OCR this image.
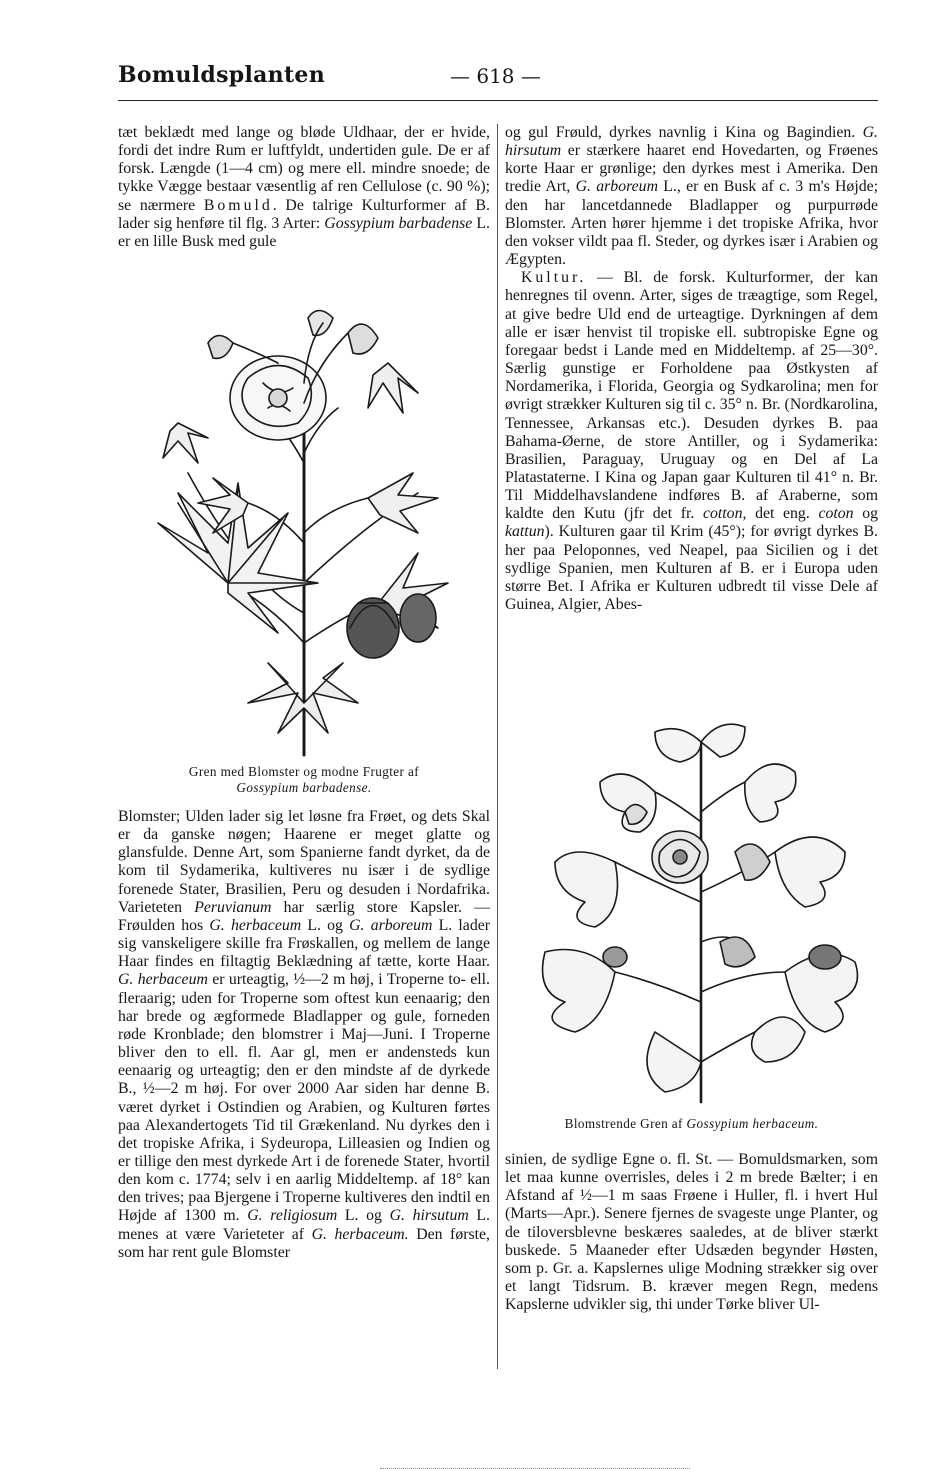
Bomuldsplanten	— 618 —

tæt beklædt med lange og bløde Uldhaar, der er hvide, fordi det indre Rum er luftfyldt, undertiden gule. De er af forsk. Længde (1—4 cm) og mere ell. mindre snoede; de tykke Vægge bestaar væsentlig af ren Cellulose (c. 90 %); se nærmere Bomuld. De talrige Kulturformer af B. lader sig henføre til flg. 3 Arter: Gossypium barbadense L. er en lille Busk med gule

Gren med Blomster og modne Frugter af
Gossypium barbadense.

Blomster; Ulden lader sig let løsne fra Frøet, og dets Skal er da ganske nøgen; Haarene er meget glatte og glansfulde. Denne Art, som Spanierne fandt dyrket, da de kom til Sydamerika, kultiveres nu især i de sydlige forenede Stater, Brasilien, Peru og desuden i Nordafrika. Varieteten Peruvianum har særlig store Kapsler. — Frøulden hos G. herbaceum L. og G. arboreum L. lader sig vanskeligere skille fra Frøskallen, og mellem de lange Haar findes en filtagtig Beklædning af tætte, korte Haar. G. herbaceum er urteagtig, ½—2 m høj, i Troperne to- ell. fleraarig; uden for Troperne som oftest kun eenaarig; den har brede og ægformede Bladlapper og gule, forneden røde Kronblade; den blomstrer i Maj—Juni. I Troperne bliver den to ell. fl. Aar gl, men er andensteds kun eenaarig og urteagtig; den er den mindste af de dyrkede B., ½—2 m høj. For over 2000 Aar siden har denne B. været dyrket i Ostindien og Arabien, og Kulturen førtes paa Alexandertogets Tid til Grækenland. Nu dyrkes den i det tropiske Afrika, i Sydeuropa, Lilleasien og Indien og er tillige den mest dyrkede Art i de forenede Stater, hvortil den kom c. 1774; selv i en aarlig Middeltemp. af 18° kan den trives; paa Bjergene i Troperne kultiveres den indtil en Højde af 1300 m. G. religiosum L. og G. hirsutum L. menes at være Varieteter af G. herbaceum. Den første, som har rent gule Blomster

og gul Frøuld, dyrkes navnlig i Kina og Bagindien. G. hirsutum er stærkere haaret end Hovedarten, og Frøenes korte Haar er grønlige; den dyrkes mest i Amerika. Den tredie Art, G. arboreum L., er en Busk af c. 3 m's Højde; den har lancetdannede Bladlapper og purpurrøde Blomster. Arten hører hjemme i det tropiske Afrika, hvor den vokser vildt paa fl. Steder, og dyrkes især i Arabien og Ægypten.

Kultur. — Bl. de forsk. Kulturformer, der kan henregnes til ovenn. Arter, siges de træagtige, som Regel, at give bedre Uld end de urteagtige. Dyrkningen af dem alle er især henvist til tropiske ell. subtropiske Egne og foregaar bedst i Lande med en Middeltemp. af 25—30°. Særlig gunstige er Forholdene paa Østkysten af Nordamerika, i Florida, Georgia og Sydkarolina; men for øvrigt strækker Kulturen sig til c. 35° n. Br. (Nordkarolina, Tennessee, Arkansas etc.). Desuden dyrkes B. paa Bahama-Øerne, de store Antiller, og i Sydamerika: Brasilien, Paraguay, Uruguay og en Del af La Platastaterne. I Kina og Japan gaar Kulturen til 41° n. Br. Til Middelhavslandene indføres B. af Araberne, som kaldte den Kutu (jfr det fr. cotton, det eng. coton og kattun). Kulturen gaar til Krim (45°); for øvrigt dyrkes B. her paa Peloponnes, ved Neapel, paa Sicilien og i det sydlige Spanien, men Kulturen af B. er i Europa uden større Bet. I Afrika er Kulturen udbredt til visse Dele af Guinea, Algier, Abes-

Blomstrende Gren af Gossypium herbaceum.

sinien, de sydlige Egne o. fl. St. — Bomuldsmarken, som let maa kunne overrisles, deles i 2 m brede Bælter; i en Afstand af ½—1 m saas Frøene i Huller, fl. i hvert Hul (Marts—Apr.). Senere fjernes de svageste unge Planter, og de tiloversblevne beskæres saaledes, at de bliver stærkt buskede. 5 Maaneder efter Udsæden begynder Høsten, som p. Gr. a. Kapslernes ulige Modning strækker sig over et langt Tidsrum. B. kræver megen Regn, medens Kapslerne udvikler sig, thi under Tørke bliver Ul-
